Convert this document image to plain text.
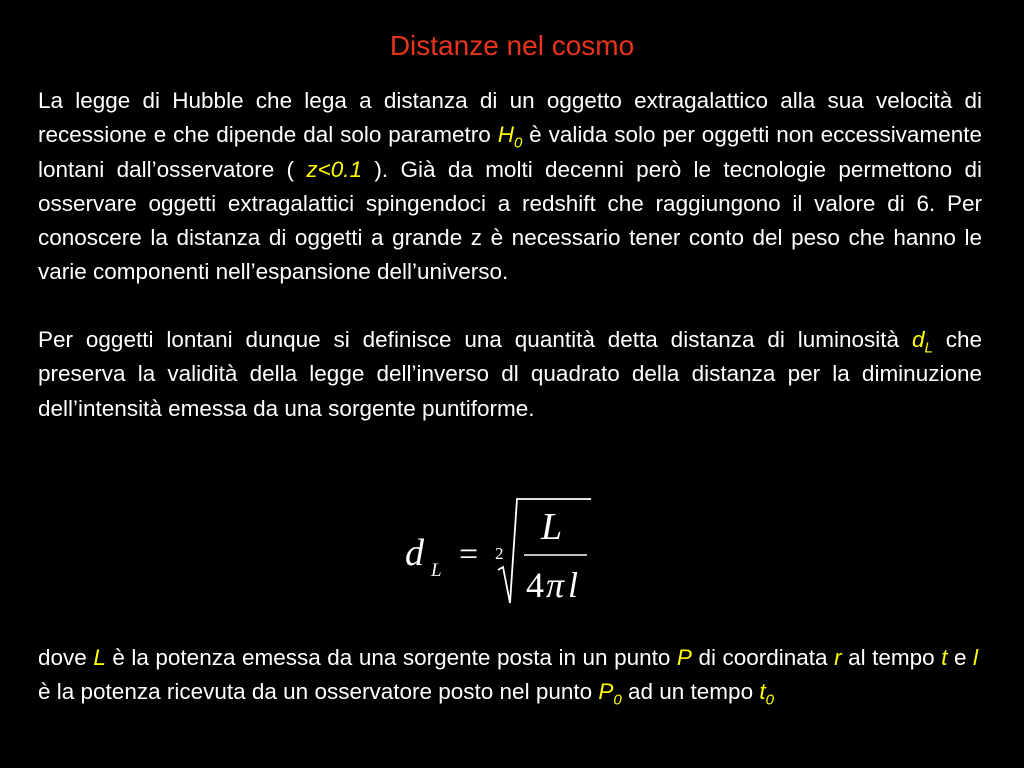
Distanze nel cosmo

La legge di Hubble che lega a distanza di un oggetto extragalattico alla sua velocità di recessione e che dipende dal solo parametro $H_0$ è valida solo per oggetti non eccessivamente lontani dall’osservatore ( z<0.1 ). Già da molti decenni però le tecnologie permettono di osservare oggetti extragalattici spingendoci a redshift che raggiungono il valore di 6. Per conoscere la distanza di oggetti a grande z è necessario tener conto del peso che hanno le varie componenti nell’espansione dell’universo.

Per oggetti lontani dunque si definisce una quantità detta distanza di luminosità $d_L$ che preserva la validità della legge dell’inverso dl quadrato della distanza per la diminuzione dell’intensità emessa da una sorgente puntiforme.

d L = 2
L
4 π l

dove L è la potenza emessa da una sorgente posta in un punto P di coordinata r al tempo t e l è la potenza ricevuta da un osservatore posto nel punto $P_0$ ad un tempo $t_0$
